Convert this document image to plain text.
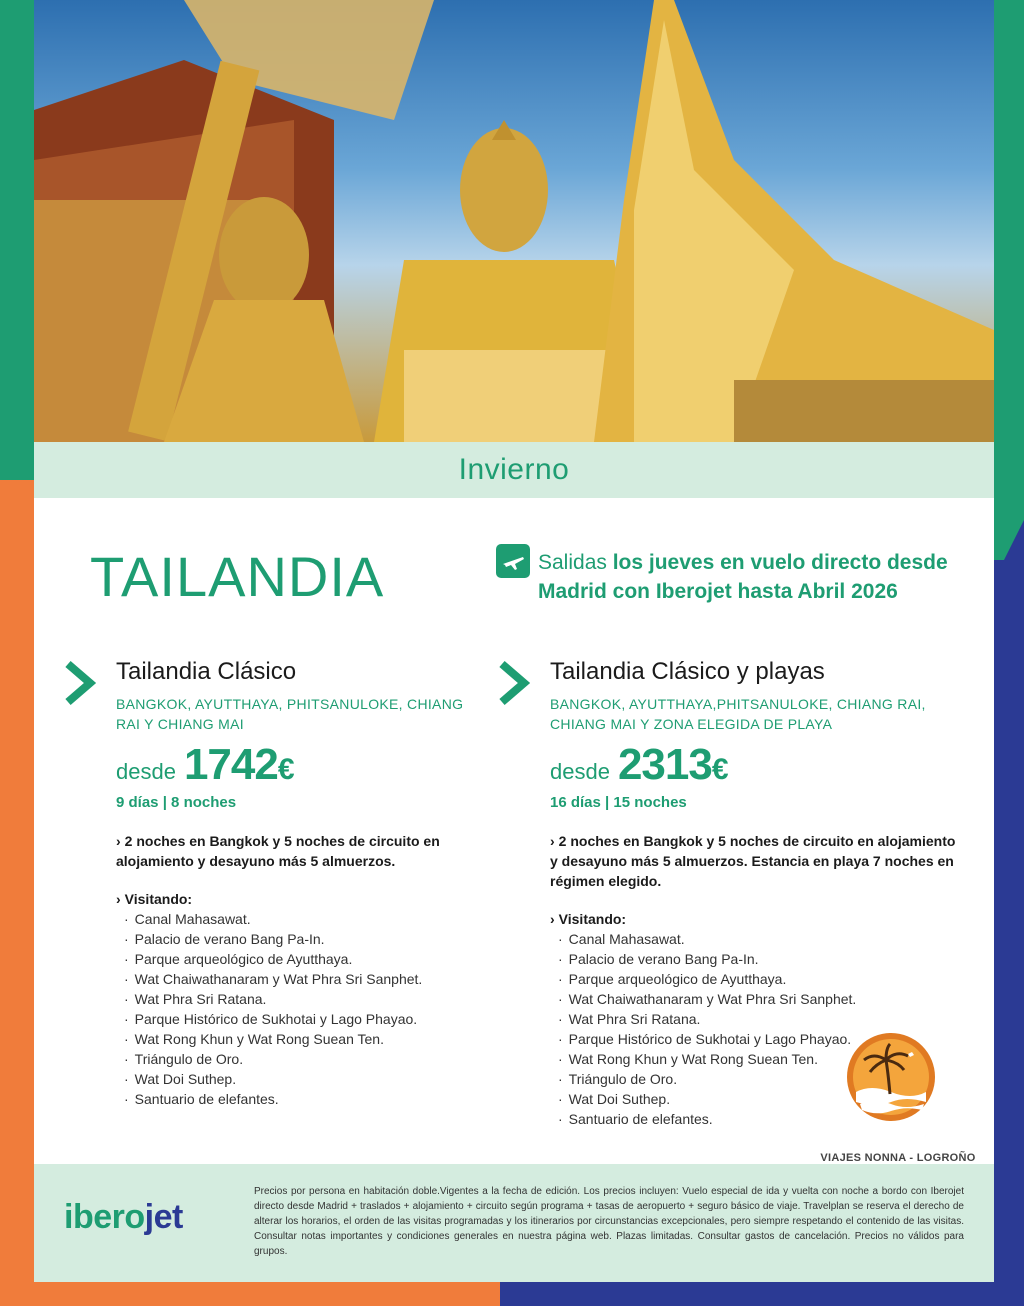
Invierno
TAILANDIA	Salidas los jueves en vuelo directo desde Madrid con Iberojet hasta Abril 2026
Tailandia Clásico
BANGKOK, AYUTTHAYA, PHITSANULOKE, CHIANG RAI Y CHIANG MAI
desde 1742 €
9 días | 8 noches
› 2 noches en Bangkok y 5 noches de circuito en alojamiento y desayuno más 5 almuerzos.
› Visitando:
· Canal Mahasawat.
· Palacio de verano Bang Pa-In.
· Parque arqueológico de Ayutthaya.
· Wat Chaiwathanaram y Wat Phra Sri Sanphet.
· Wat Phra Sri Ratana.
· Parque Histórico de Sukhotai y Lago Phayao.
· Wat Rong Khun y Wat Rong Suean Ten.
· Triángulo de Oro.
· Wat Doi Suthep.
· Santuario de elefantes.
Tailandia Clásico y playas
BANGKOK, AYUTTHAYA,PHITSANULOKE, CHIANG RAI, CHIANG MAI Y ZONA ELEGIDA DE PLAYA
desde 2313 €
16 días | 15 noches
› 2 noches en Bangkok y 5 noches de circuito en alojamiento y desayuno más 5 almuerzos. Estancia en playa 7 noches en régimen elegido.
› Visitando:
· Canal Mahasawat.
· Palacio de verano Bang Pa-In.
· Parque arqueológico de Ayutthaya.
· Wat Chaiwathanaram y Wat Phra Sri Sanphet.
· Wat Phra Sri Ratana.
· Parque Histórico de Sukhotai y Lago Phayao.
· Wat Rong Khun y Wat Rong Suean Ten.
· Triángulo de Oro.
· Wat Doi Suthep.
· Santuario de elefantes.
VIAJES NONNA - LOGROÑO
iberojet
Precios por persona en habitación doble.Vigentes a la fecha de edición. Los precios incluyen: Vuelo especial de ida y vuelta con noche a bordo con Iberojet directo desde Madrid + traslados + alojamiento + circuito según programa + tasas de aeropuerto + seguro básico de viaje. Travelplan se reserva el derecho de alterar los horarios, el orden de las visitas programadas y los itinerarios por circunstancias excepcionales, pero siempre respetando el contenido de las visitas. Consultar notas importantes y condiciones generales en nuestra página web. Plazas limitadas. Consultar gastos de cancelación. Precios no válidos para grupos.
